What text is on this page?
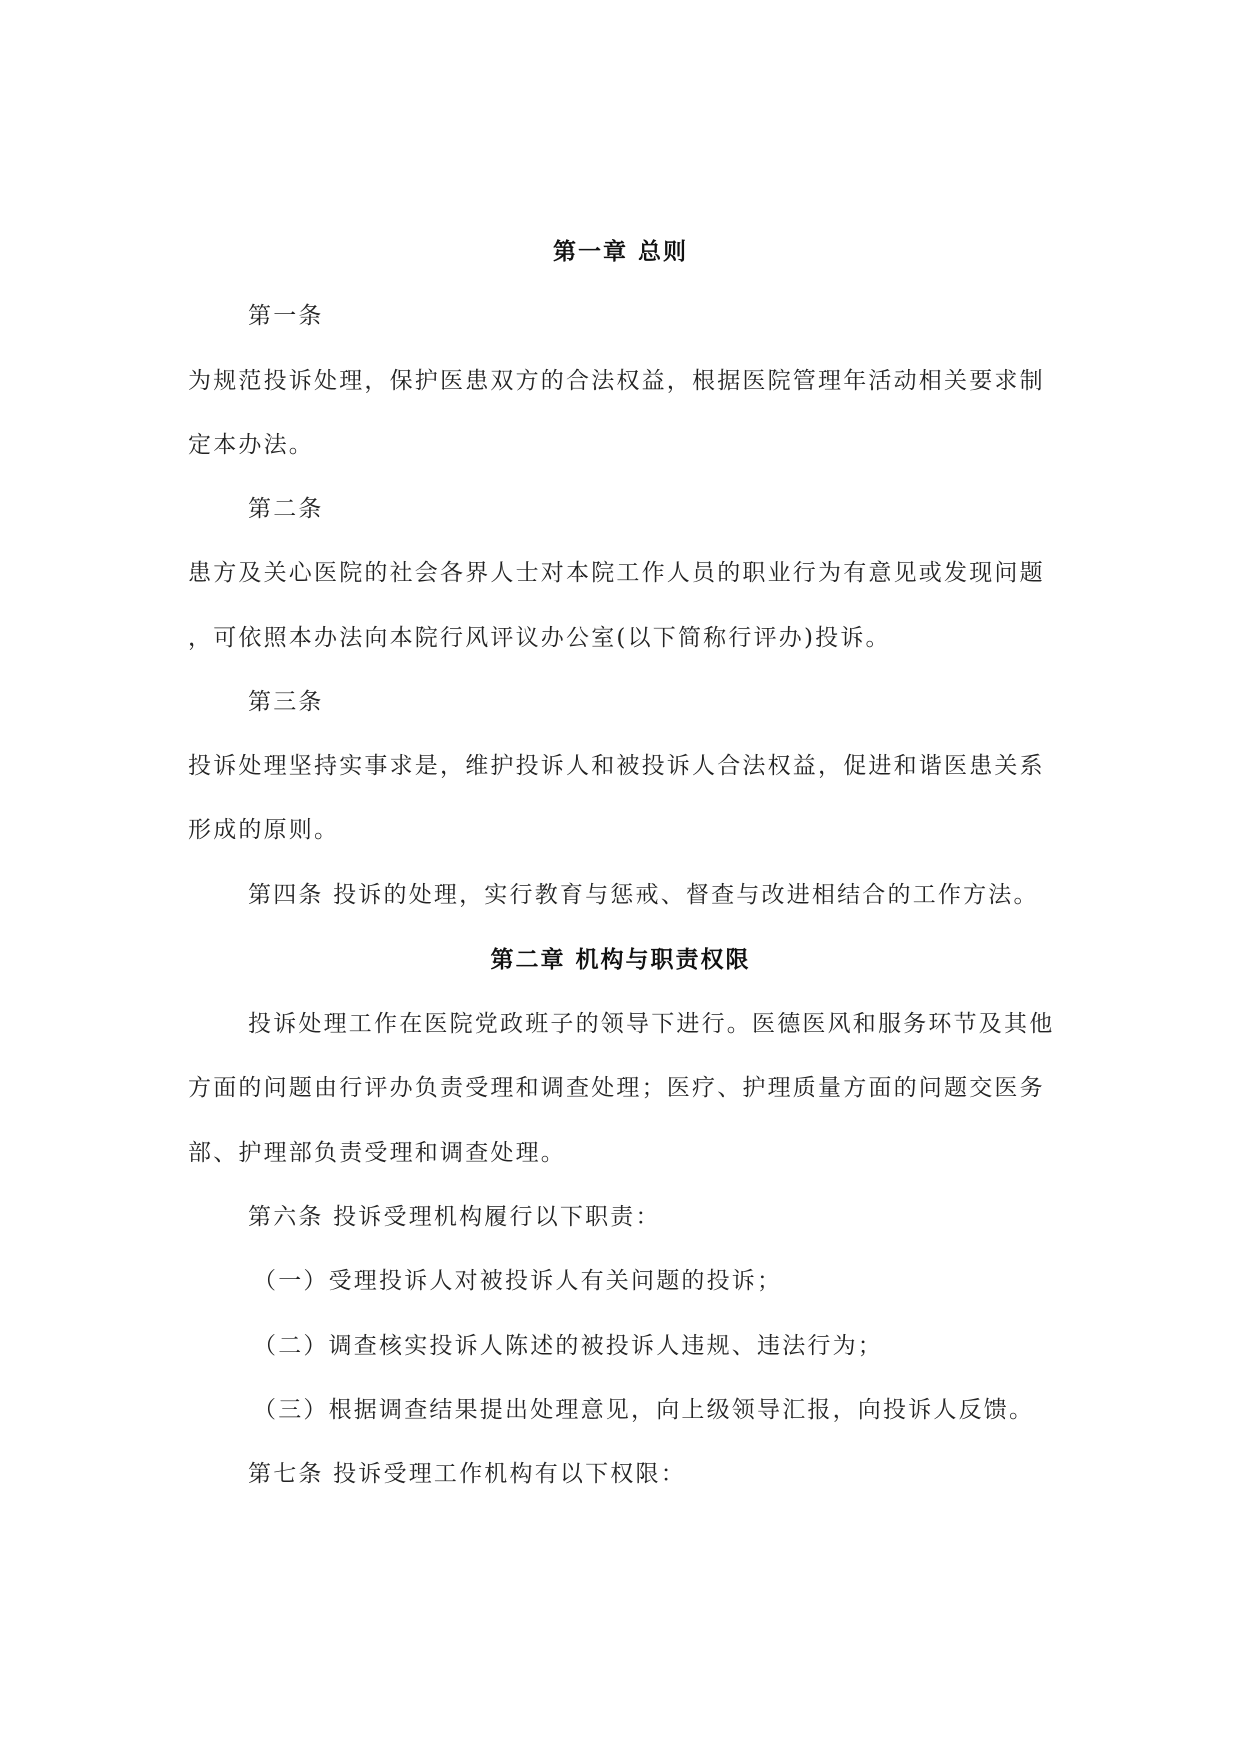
第一章 总则
第一条
为规范投诉处理，保护医患双方的合法权益，根据医院管理年活动相关要求制
定本办法。
第二条
患方及关心医院的社会各界人士对本院工作人员的职业行为有意见或发现问题
，可依照本办法向本院行风评议办公室(以下简称行评办)投诉。
第三条
投诉处理坚持实事求是，维护投诉人和被投诉人合法权益，促进和谐医患关系
形成的原则。
第四条 投诉的处理，实行教育与惩戒、督查与改进相结合的工作方法。
第二章 机构与职责权限
投诉处理工作在医院党政班子的领导下进行。医德医风和服务环节及其他
方面的问题由行评办负责受理和调查处理；医疗、护理质量方面的问题交医务
部、护理部负责受理和调查处理。
第六条 投诉受理机构履行以下职责：
（一）受理投诉人对被投诉人有关问题的投诉；
（二）调查核实投诉人陈述的被投诉人违规、违法行为；
（三）根据调查结果提出处理意见，向上级领导汇报，向投诉人反馈。
第七条 投诉受理工作机构有以下权限：
